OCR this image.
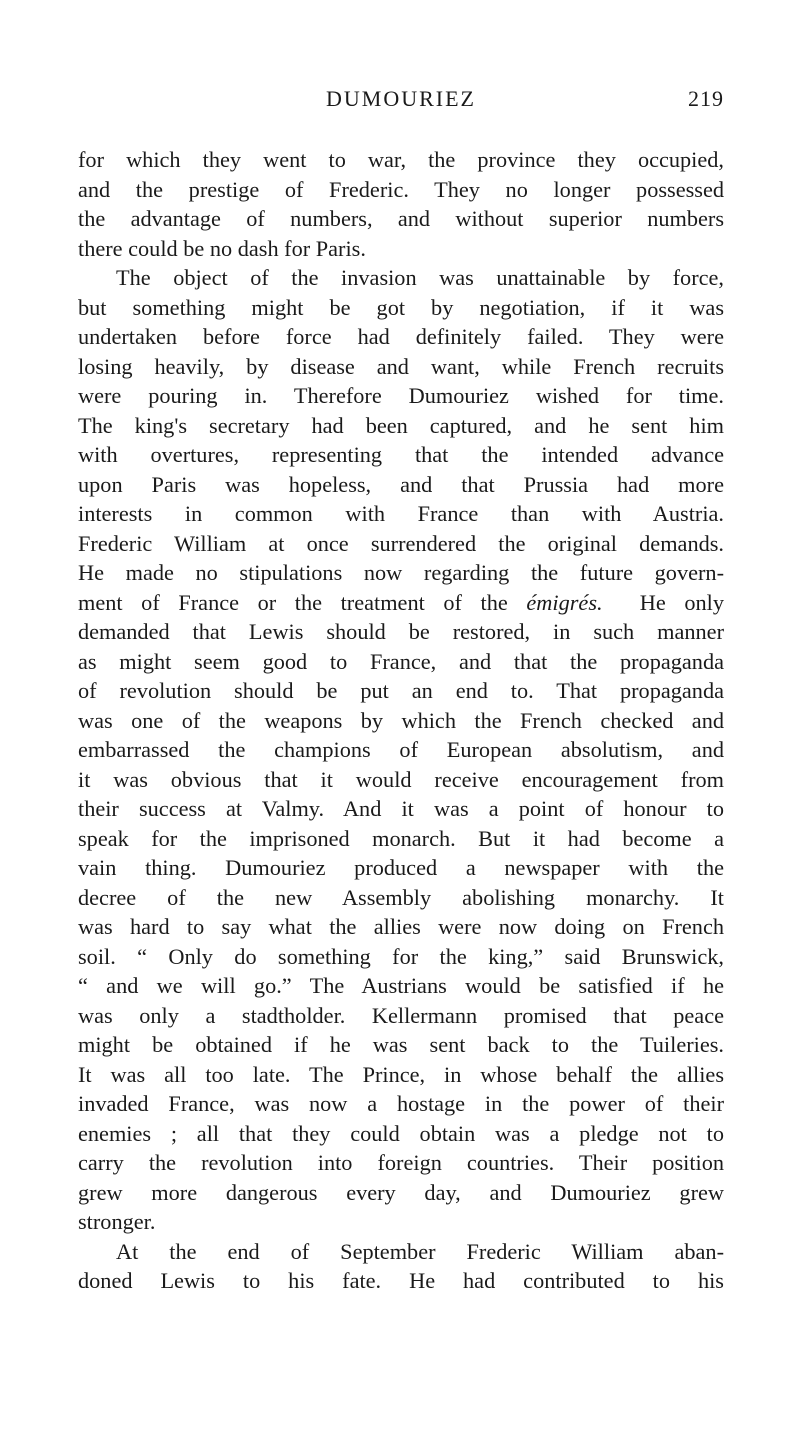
DUMOURIEZ	219
for which they went to war, the province they occupied,
and the prestige of Frederic. They no longer possessed
the advantage of numbers, and without superior numbers
there could be no dash for Paris.
The object of the invasion was unattainable by force,
but something might be got by negotiation, if it was
undertaken before force had definitely failed. They were
losing heavily, by disease and want, while French recruits
were pouring in. Therefore Dumouriez wished for time.
The king's secretary had been captured, and he sent him
with overtures, representing that the intended advance
upon Paris was hopeless, and that Prussia had more
interests in common with France than with Austria.
Frederic William at once surrendered the original demands.
He made no stipulations now regarding the future govern-
ment of France or the treatment of the émigrés. He only
demanded that Lewis should be restored, in such manner
as might seem good to France, and that the propaganda
of revolution should be put an end to. That propaganda
was one of the weapons by which the French checked and
embarrassed the champions of European absolutism, and
it was obvious that it would receive encouragement from
their success at Valmy. And it was a point of honour to
speak for the imprisoned monarch. But it had become a
vain thing. Dumouriez produced a newspaper with the
decree of the new Assembly abolishing monarchy. It
was hard to say what the allies were now doing on French
soil. “ Only do something for the king,” said Brunswick,
“ and we will go.” The Austrians would be satisfied if he
was only a stadtholder. Kellermann promised that peace
might be obtained if he was sent back to the Tuileries.
It was all too late. The Prince, in whose behalf the allies
invaded France, was now a hostage in the power of their
enemies ; all that they could obtain was a pledge not to
carry the revolution into foreign countries. Their position
grew more dangerous every day, and Dumouriez grew
stronger.
At the end of September Frederic William aban-
doned Lewis to his fate. He had contributed to his
